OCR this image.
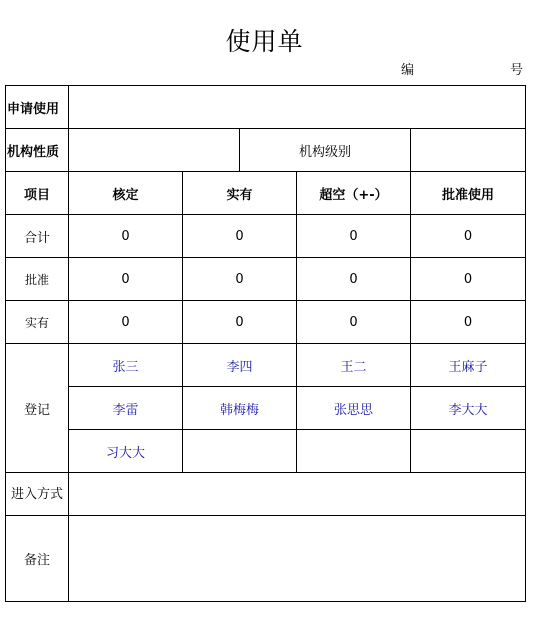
使用单
编	号
申请使用					
机构性质			机构级别		
项目	核定	实有		超空（+-）	批准使用
合计	0	0		0	0
批准	0	0		0	0
实有	0	0		0	0
登记	张三	李四		王二	王麻子
	李雷	韩梅梅		张思思	李大大
	习大大				
进入方式					
备注					
